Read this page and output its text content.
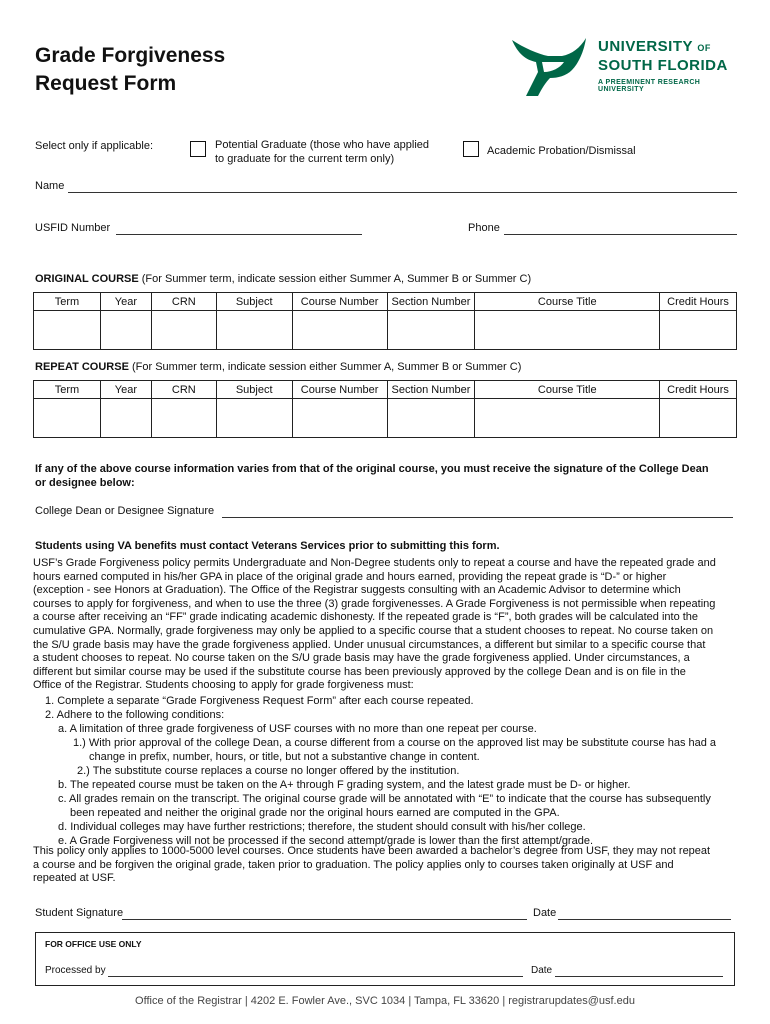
Grade Forgiveness
Request Form
UNIVERSITY OF
SOUTH FLORIDA
A PREEMINENT RESEARCH UNIVERSITY
Select only if applicable:	Potential Graduate (those who have applied
to graduate for the current term only)
Academic Probation/Dismissal
Name
USFID Number	Phone
ORIGINAL COURSE (For Summer term, indicate session either Summer A, Summer B or Summer C)
Term	Year	CRN	Subject	Course Number	Section Number	Course Title	Credit Hours

REPEAT COURSE (For Summer term, indicate session either Summer A, Summer B or Summer C)
Term	Year	CRN	Subject	Course Number	Section Number	Course Title	Credit Hours

If any of the above course information varies from that of the original course, you must receive the signature of the College Dean
or designee below:
College Dean or Designee Signature
Students using VA benefits must contact Veterans Services prior to submitting this form.
USF’s Grade Forgiveness policy permits Undergraduate and Non-Degree students only to repeat a course and have the repeated grade and
hours earned computed in his/her GPA in place of the original grade and hours earned, providing the repeat grade is “D-” or higher
(exception - see Honors at Graduation). The Office of the Registrar suggests consulting with an Academic Advisor to determine which
courses to apply for forgiveness, and when to use the three (3) grade forgivenesses. A Grade Forgiveness is not permissible when repeating
a course after receiving an “FF” grade indicating academic dishonesty. If the repeated grade is “F”, both grades will be calculated into the
cumulative GPA. Normally, grade forgiveness may only be applied to a specific course that a student chooses to repeat. No course taken on
the S/U grade basis may have the grade forgiveness applied. Under unusual circumstances, a different but similar to a specific course that
a student chooses to repeat. No course taken on the S/U grade basis may have the grade forgiveness applied. Under circumstances, a
different but similar course may be used if the substitute course has been previously approved by the college Dean and is on file in the
Office of the Registrar. Students choosing to apply for grade forgiveness must:
1. Complete a separate “Grade Forgiveness Request Form” after each course repeated.
2. Adhere to the following conditions:
a. A limitation of three grade forgiveness of USF courses with no more than one repeat per course.
1.) With prior approval of the college Dean, a course different from a course on the approved list may be substitute course has had a
change in prefix, number, hours, or title, but not a substantive change in content.
2.) The substitute course replaces a course no longer offered by the institution.
b. The repeated course must be taken on the A+ through F grading system, and the latest grade must be D- or higher.
c. All grades remain on the transcript. The original course grade will be annotated with “E” to indicate that the course has subsequently
been repeated and neither the original grade nor the original hours earned are computed in the GPA.
d. Individual colleges may have further restrictions; therefore, the student should consult with his/her college.
e. A Grade Forgiveness will not be processed if the second attempt/grade is lower than the first attempt/grade.
This policy only applies to 1000-5000 level courses. Once students have been awarded a bachelor’s degree from USF, they may not repeat
a course and be forgiven the original grade, taken prior to graduation. The policy applies only to courses taken originally at USF and
repeated at USF.
Student Signature	Date
FOR OFFICE USE ONLY
Processed by	Date
Office of the Registrar | 4202 E. Fowler Ave., SVC 1034 | Tampa, FL 33620 | registrarupdates@usf.edu
